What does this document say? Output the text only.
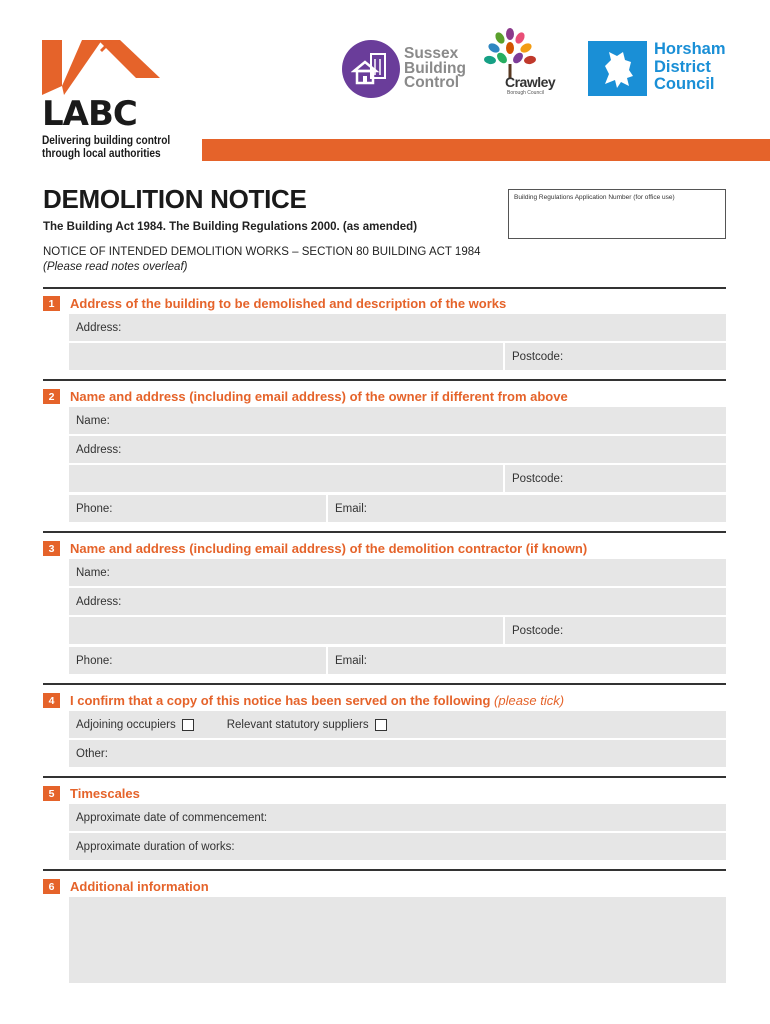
LABC
Delivering building control
through local authorities
Sussex
Building
Control	Crawley
Borough Council
Horsham
District
Council
DEMOLITION NOTICE
The Building Act 1984. The Building Regulations 2000. (as amended)
Building Regulations Application Number (for office use)
NOTICE OF INTENDED DEMOLITION WORKS – SECTION 80 BUILDING ACT 1984
(Please read notes overleaf)
1	Address of the building to be demolished and description of the works
Address:
Postcode:
2	Name and address (including email address) of the owner if different from above
Name:
Address:
Postcode:
Phone:	Email:
3	Name and address (including email address) of the demolition contractor (if known)
Name:
Address:
Postcode:
Phone:	Email:
4	I confirm that a copy of this notice has been served on the following (please tick)
Adjoining occupiers	Relevant statutory suppliers
Other:
5	Timescales
Approximate date of commencement:
Approximate duration of works:
6	Additional information
